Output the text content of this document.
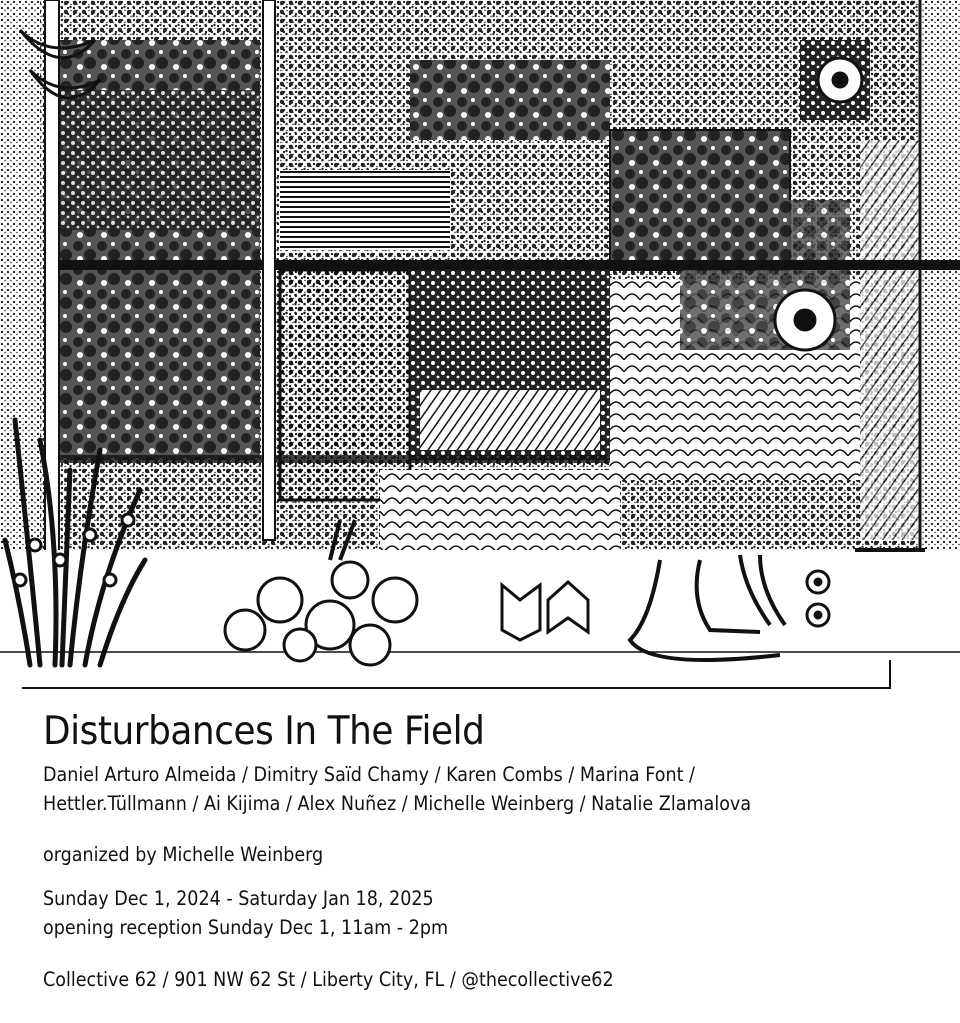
Disturbances In The Field

Daniel Arturo Almeida / Dimitry Saïd Chamy / Karen Combs / Marina Font /

Hettler.Tüllmann / Ai Kijima / Alex Nuñez / Michelle Weinberg / Natalie Zlamalova

organized by Michelle Weinberg

Sunday Dec 1, 2024 - Saturday Jan 18, 2025

opening reception Sunday Dec 1, 11am - 2pm

Collective 62 / 901 NW 62 St / Liberty City, FL / @thecollective62
